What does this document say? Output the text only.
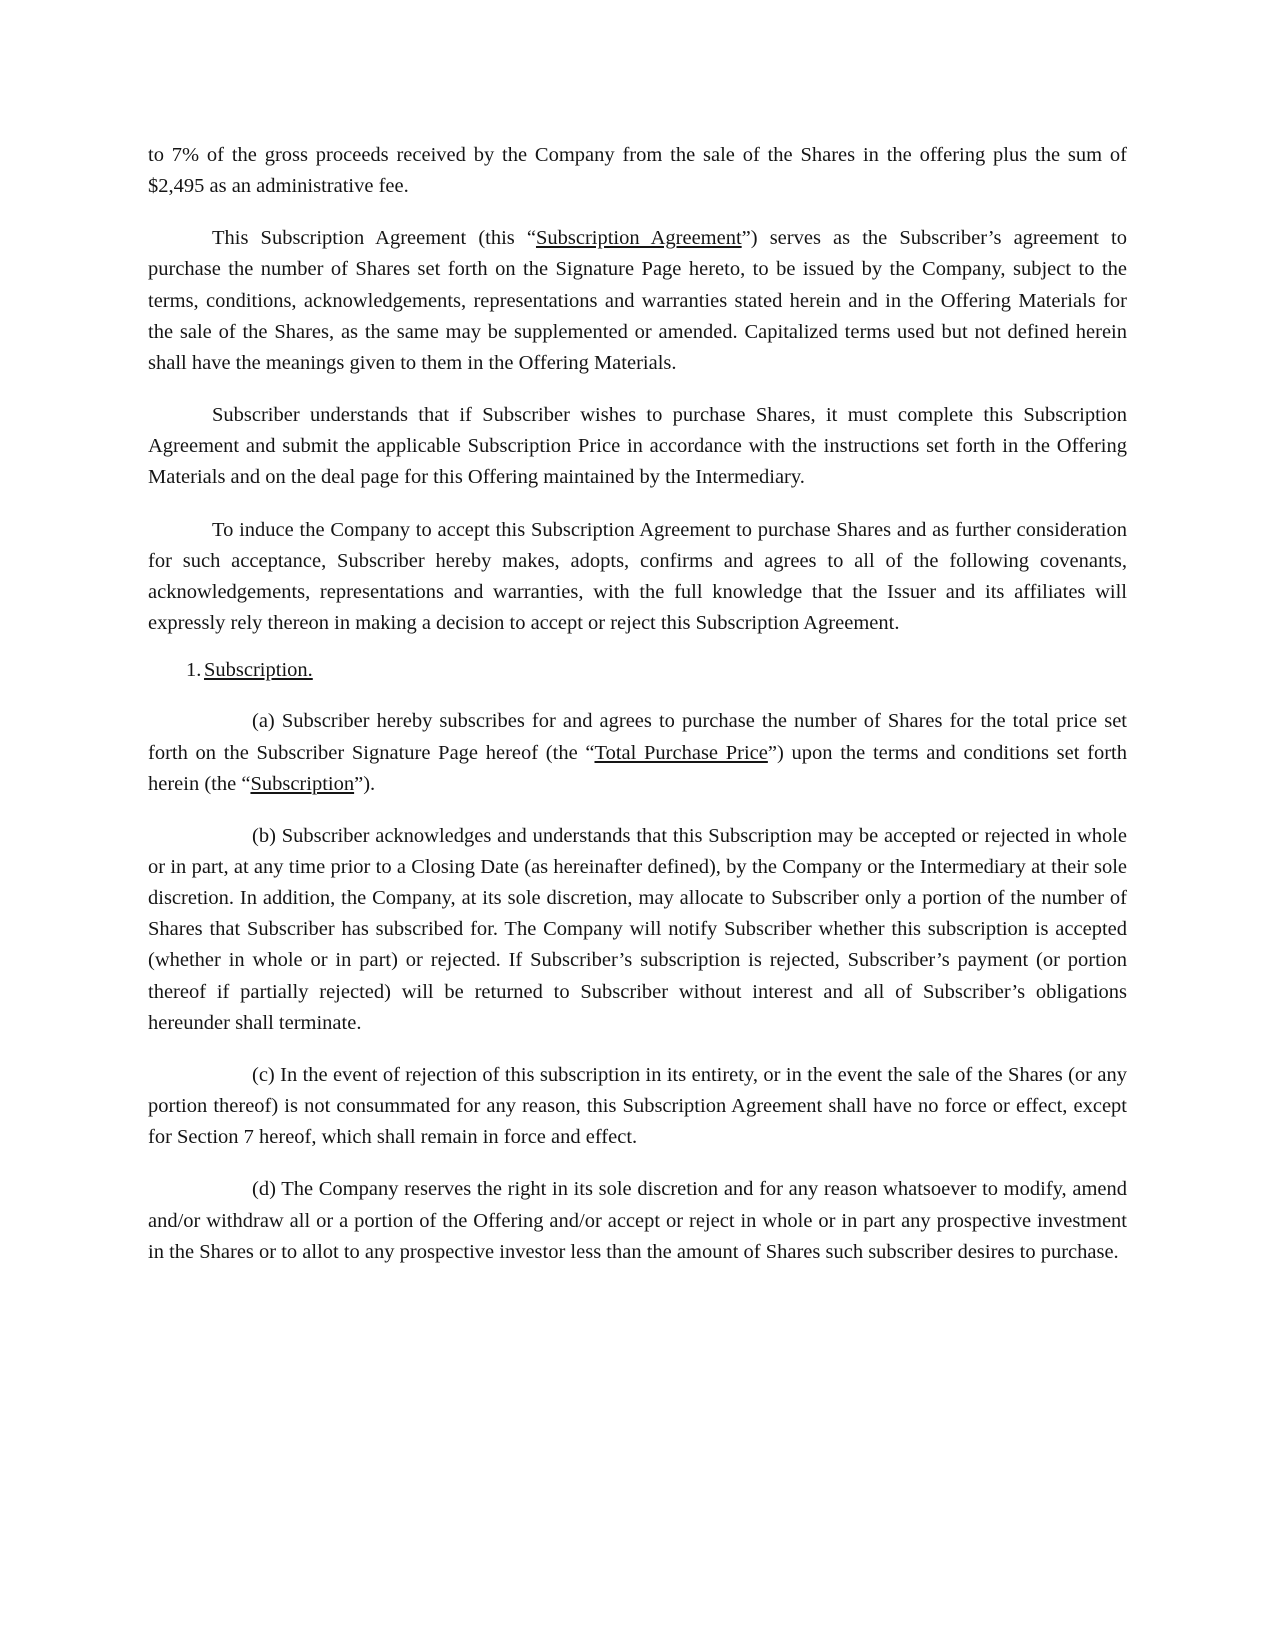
to 7% of the gross proceeds received by the Company from the sale of the Shares in the offering plus the sum of $2,495 as an administrative fee.

This Subscription Agreement (this “Subscription Agreement”) serves as the Subscriber’s agreement to purchase the number of Shares set forth on the Signature Page hereto, to be issued by the Company, subject to the terms, conditions, acknowledgements, representations and warranties stated herein and in the Offering Materials for the sale of the Shares, as the same may be supplemented or amended. Capitalized terms used but not defined herein shall have the meanings given to them in the Offering Materials.

Subscriber understands that if Subscriber wishes to purchase Shares, it must complete this Subscription Agreement and submit the applicable Subscription Price in accordance with the instructions set forth in the Offering Materials and on the deal page for this Offering maintained by the Intermediary.

To induce the Company to accept this Subscription Agreement to purchase Shares and as further consideration for such acceptance, Subscriber hereby makes, adopts, confirms and agrees to all of the following covenants, acknowledgements, representations and warranties, with the full knowledge that the Issuer and its affiliates will expressly rely thereon in making a decision to accept or reject this Subscription Agreement.

1. Subscription.

(a) Subscriber hereby subscribes for and agrees to purchase the number of Shares for the total price set forth on the Subscriber Signature Page hereof (the “Total Purchase Price”) upon the terms and conditions set forth herein (the “Subscription”).

(b) Subscriber acknowledges and understands that this Subscription may be accepted or rejected in whole or in part, at any time prior to a Closing Date (as hereinafter defined), by the Company or the Intermediary at their sole discretion. In addition, the Company, at its sole discretion, may allocate to Subscriber only a portion of the number of Shares that Subscriber has subscribed for. The Company will notify Subscriber whether this subscription is accepted (whether in whole or in part) or rejected. If Subscriber’s subscription is rejected, Subscriber’s payment (or portion thereof if partially rejected) will be returned to Subscriber without interest and all of Subscriber’s obligations hereunder shall terminate.

(c) In the event of rejection of this subscription in its entirety, or in the event the sale of the Shares (or any portion thereof) is not consummated for any reason, this Subscription Agreement shall have no force or effect, except for Section 7 hereof, which shall remain in force and effect.

(d) The Company reserves the right in its sole discretion and for any reason whatsoever to modify, amend and/or withdraw all or a portion of the Offering and/or accept or reject in whole or in part any prospective investment in the Shares or to allot to any prospective investor less than the amount of Shares such subscriber desires to purchase.
